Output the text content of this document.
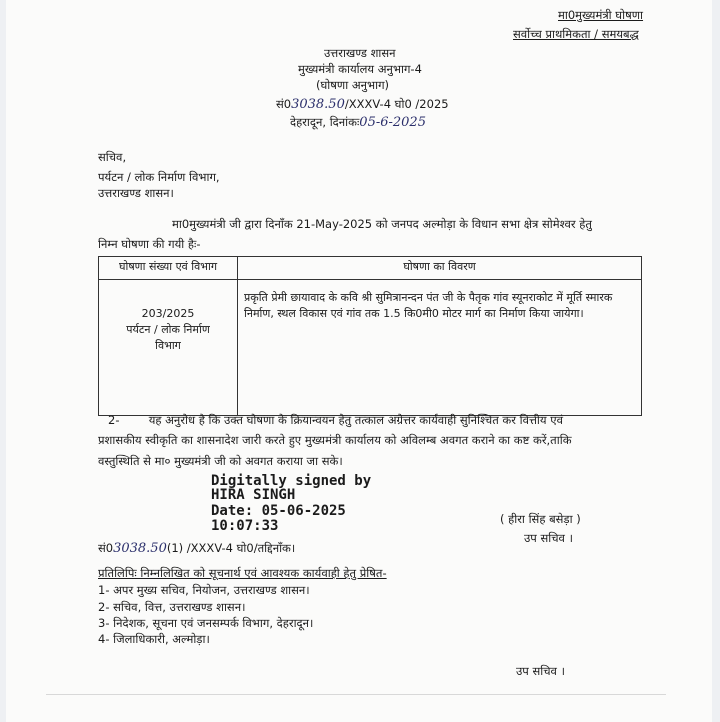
मा0मुख्यमंत्री घोषणा
सर्वोच्च प्राथमिकता / समयबद्ध
उत्तराखण्ड शासन
मुख्यमंत्री कार्यालय अनुभाग-4
(घोषणा अनुभाग)
सं03038.50/XXXV-4 घो0 /2025
देहरादून, दिनांकः05-6-2025
सचिव,
पर्यटन / लोक निर्माण विभाग,
उत्तराखण्ड शासन।
मा0मुख्यमंत्री जी द्वारा दिनाँक 21-May-2025 को जनपद अल्मोड़ा के विधान सभा क्षेत्र सोमेश्वर हेतु
निम्न घोषणा की गयी हैः-
घोषणा संख्या एवं विभाग	घोषणा का विवरण

203/2025
पर्यटन / लोक निर्माण
विभाग	प्रकृति प्रेमी छायावाद के कवि श्री सुमित्रानन्दन पंत जी के पैतृक गांव स्यूनराकोट में मूर्ति स्मारक निर्माण, स्थल विकास एवं गांव तक 1.5 कि0मी0 मोटर मार्ग का निर्माण किया जायेगा।
2-	यह अनुरोध है कि उक्त घोषणा के क्रियान्वयन हेतु तत्काल अग्रेत्तर कार्यवाही सुनिश्चित कर वित्तीय एवं
प्रशासकीय स्वीकृति का शासनादेश जारी करते हुए मुख्यमंत्री कार्यालय को अविलम्ब अवगत कराने का कष्ट करें,ताकि
वस्तुस्थिति से मा० मुख्यमंत्री जी को अवगत कराया जा सके।
Digitally signed by
HIRA SINGH
Date: 05-06-2025
10:07:33	( हीरा सिंह बसेड़ा )
उप सचिव ।
सं03038.50(1) /XXXV-4 घो0/तद्दिनाँक।
प्रतिलिपिः निम्नलिखित को सूचनार्थ एवं आवश्यक कार्यवाही हेतु प्रेषित-
1- अपर मुख्य सचिव, नियोजन, उत्तराखण्ड शासन।
2- सचिव, वित्त, उत्तराखण्ड शासन।
3- निदेशक, सूचना एवं जनसम्पर्क विभाग, देहरादून।
4- जिलाधिकारी, अल्मोड़ा।
उप सचिव ।
